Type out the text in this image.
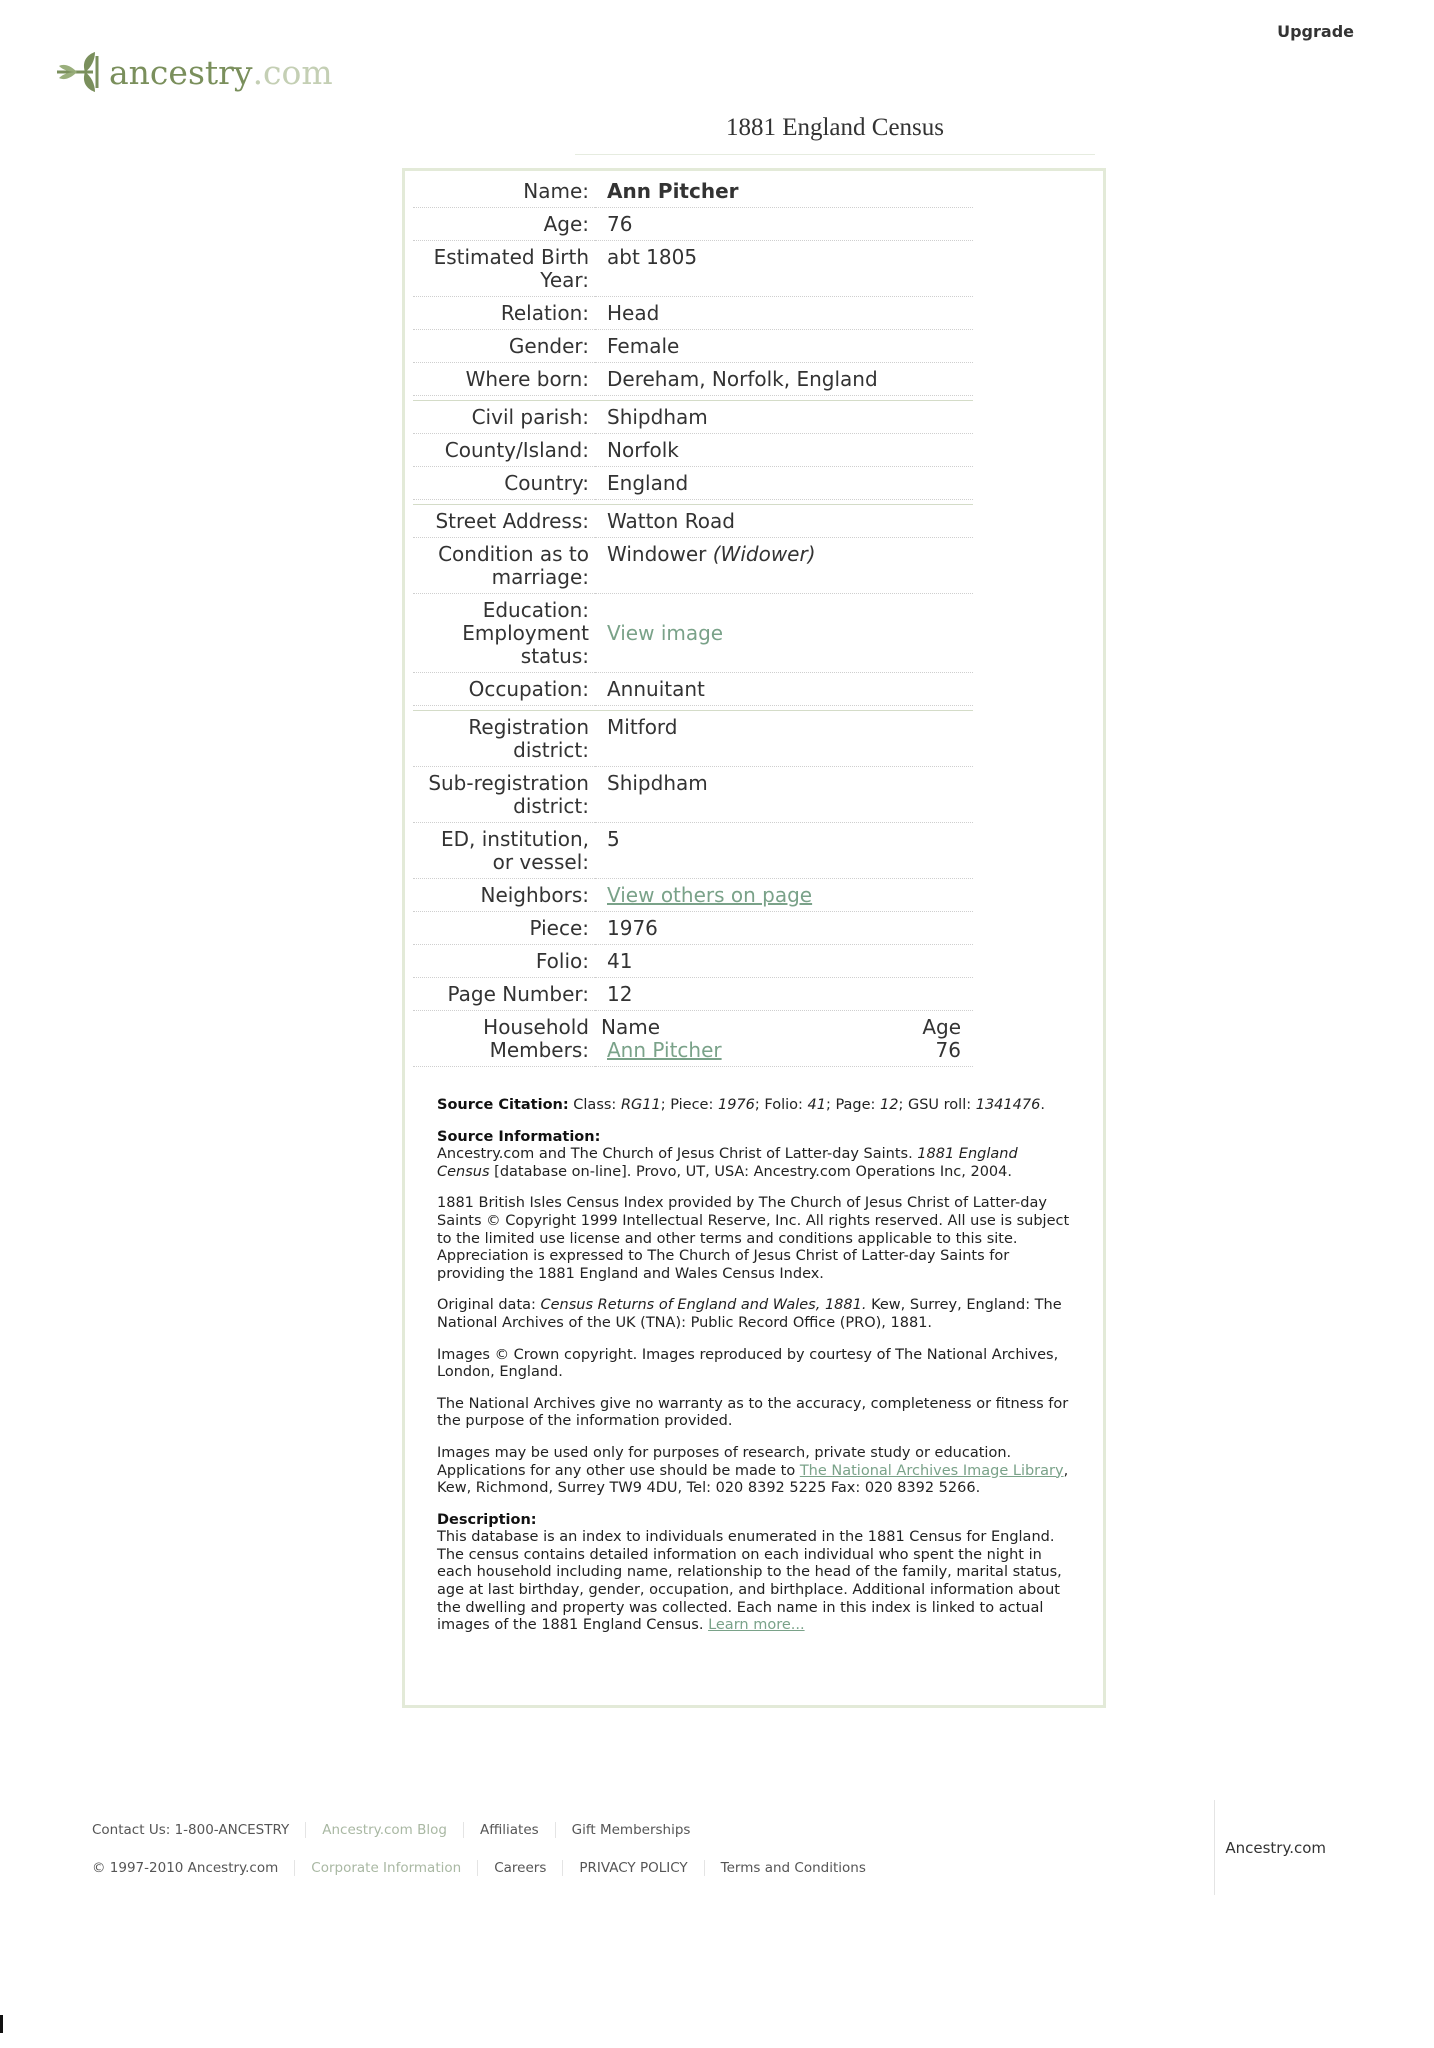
Upgrade
ancestry .com
1881 England Census
Name:	Ann Pitcher
Age:	76
Estimated Birth Year:	abt 1805
Relation:	Head
Gender:	Female
Where born:	Dereham, Norfolk, England

Civil parish:	Shipdham
County/Island:	Norfolk
Country:	England

Street Address:	Watton Road
Condition as to marriage:	Windower (Widower)
Education:
Employment status:	View image
Occupation:	Annuitant

Registration district:	Mitford
Sub-registration district:	Shipdham
ED, institution, or vessel:	5
Neighbors:	View others on page
Piece:	1976
Folio:	41
Page Number:	12
Household Members:	
Name	Age
Ann Pitcher	76

Source Citation: Class: RG11; Piece: 1976; Folio: 41; Page: 12; GSU roll: 1341476.

Source Information:
Ancestry.com and The Church of Jesus Christ of Latter-day Saints. 1881 England Census [database on-line]. Provo, UT, USA: Ancestry.com Operations Inc, 2004.

1881 British Isles Census Index provided by The Church of Jesus Christ of Latter-day Saints © Copyright 1999 Intellectual Reserve, Inc. All rights reserved. All use is subject to the limited use license and other terms and conditions applicable to this site. Appreciation is expressed to The Church of Jesus Christ of Latter-day Saints for providing the 1881 England and Wales Census Index.

Original data: Census Returns of England and Wales, 1881. Kew, Surrey, England: The National Archives of the UK (TNA): Public Record Office (PRO), 1881.

Images © Crown copyright. Images reproduced by courtesy of The National Archives, London, England.

The National Archives give no warranty as to the accuracy, completeness or fitness for the purpose of the information provided.

Images may be used only for purposes of research, private study or education. Applications for any other use should be made to The National Archives Image Library, Kew, Richmond, Surrey TW9 4DU, Tel: 020 8392 5225 Fax: 020 8392 5266.

Description:
This database is an index to individuals enumerated in the 1881 Census for England. The census contains detailed information on each individual who spent the night in each household including name, relationship to the head of the family, marital status, age at last birthday, gender, occupation, and birthplace. Additional information about the dwelling and property was collected. Each name in this index is linked to actual images of the 1881 England Census. Learn more...

Contact Us: 1-800-ANCESTRY	Ancestry.com Blog	Affiliates	Gift Memberships
© 1997-2010 Ancestry.com	Corporate Information	Careers	PRIVACY POLICY	Terms and Conditions
Ancestry.com
